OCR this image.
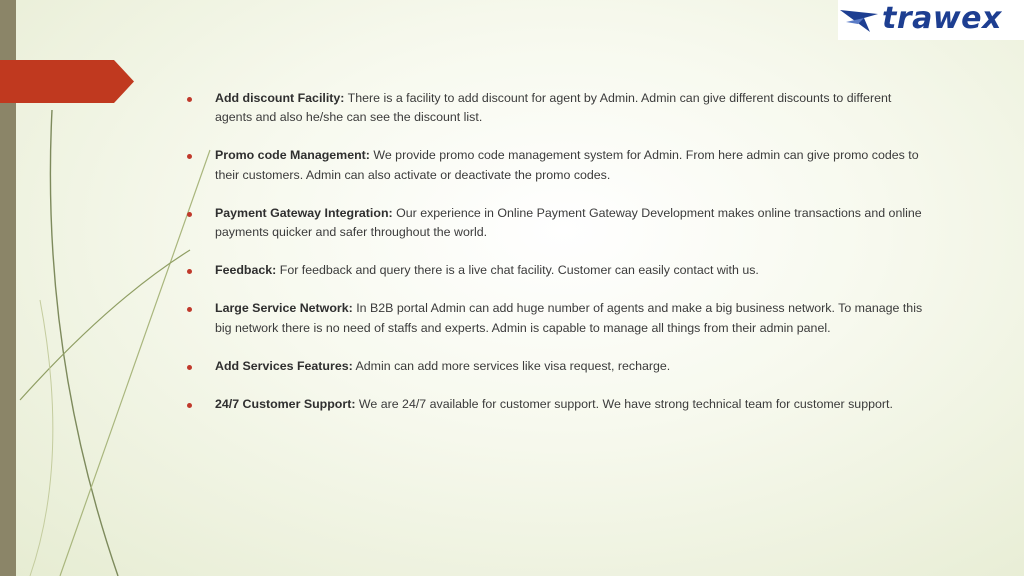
trawex
Add discount Facility: There is a facility to add discount for agent by Admin. Admin can give different discounts to different agents and also he/she can see the discount list.
Promo code Management: We provide promo code management system for Admin. From here admin can give promo codes to their customers. Admin can also activate or deactivate the promo codes.
Payment Gateway Integration: Our experience in Online Payment Gateway Development makes online transactions and online payments quicker and safer throughout the world.
Feedback: For feedback and query there is a live chat facility. Customer can easily contact with us.
Large Service Network: In B2B portal Admin can add huge number of agents and make a big business network. To manage this big network there is no need of staffs and experts. Admin is capable to manage all things from their admin panel.
Add Services Features: Admin can add more services like visa request, recharge.
24/7 Customer Support: We are 24/7 available for customer support. We have strong technical team for customer support.
